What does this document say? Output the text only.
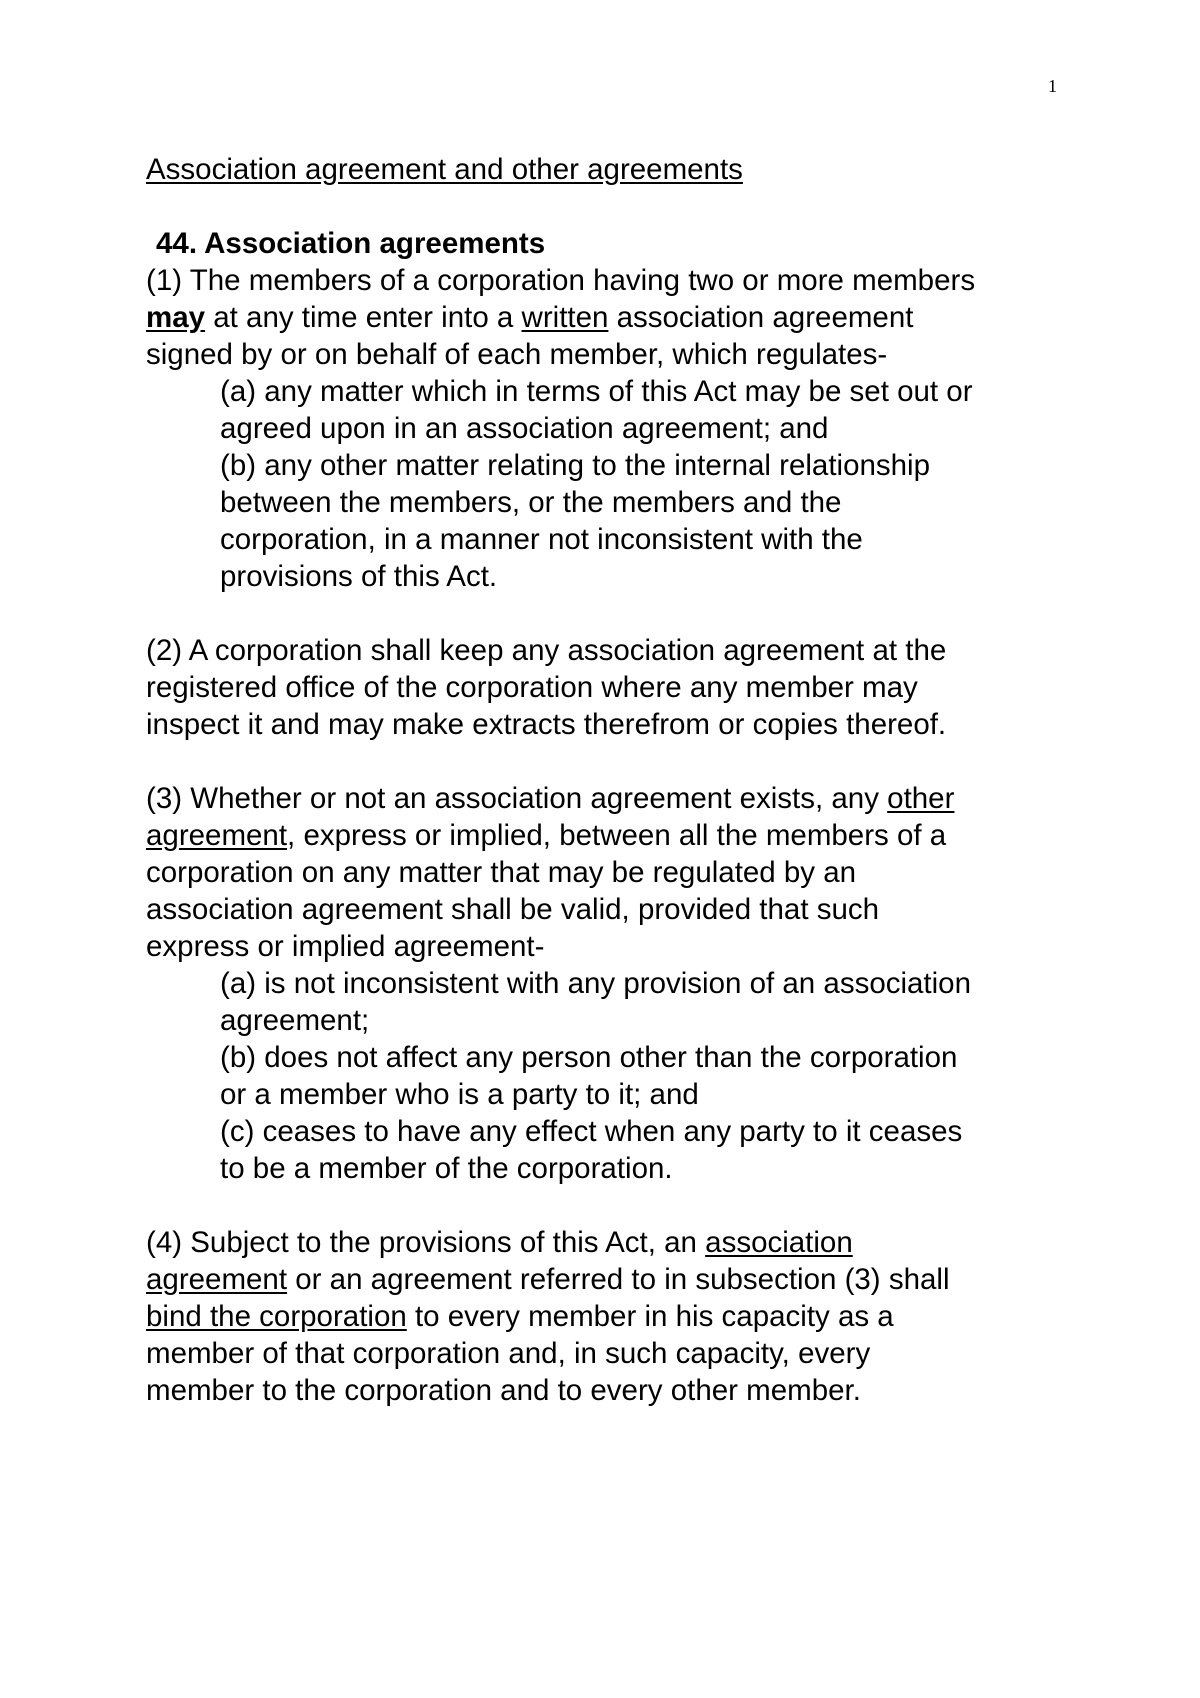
1
Association agreement and other agreements
44. Association agreements
(1) The members of a corporation having two or more members
may at any time enter into a written association agreement
signed by or on behalf of each member, which regulates-
(a) any matter which in terms of this Act may be set out or
agreed upon in an association agreement; and
(b) any other matter relating to the internal relationship
between the members, or the members and the
corporation, in a manner not inconsistent with the
provisions of this Act.
(2) A corporation shall keep any association agreement at the
registered office of the corporation where any member may
inspect it and may make extracts therefrom or copies thereof.
(3) Whether or not an association agreement exists, any other
agreement, express or implied, between all the members of a
corporation on any matter that may be regulated by an
association agreement shall be valid, provided that such
express or implied agreement-
(a) is not inconsistent with any provision of an association
agreement;
(b) does not affect any person other than the corporation
or a member who is a party to it; and
(c) ceases to have any effect when any party to it ceases
to be a member of the corporation.
(4) Subject to the provisions of this Act, an association
agreement or an agreement referred to in subsection (3) shall
bind the corporation to every member in his capacity as a
member of that corporation and, in such capacity, every
member to the corporation and to every other member.
